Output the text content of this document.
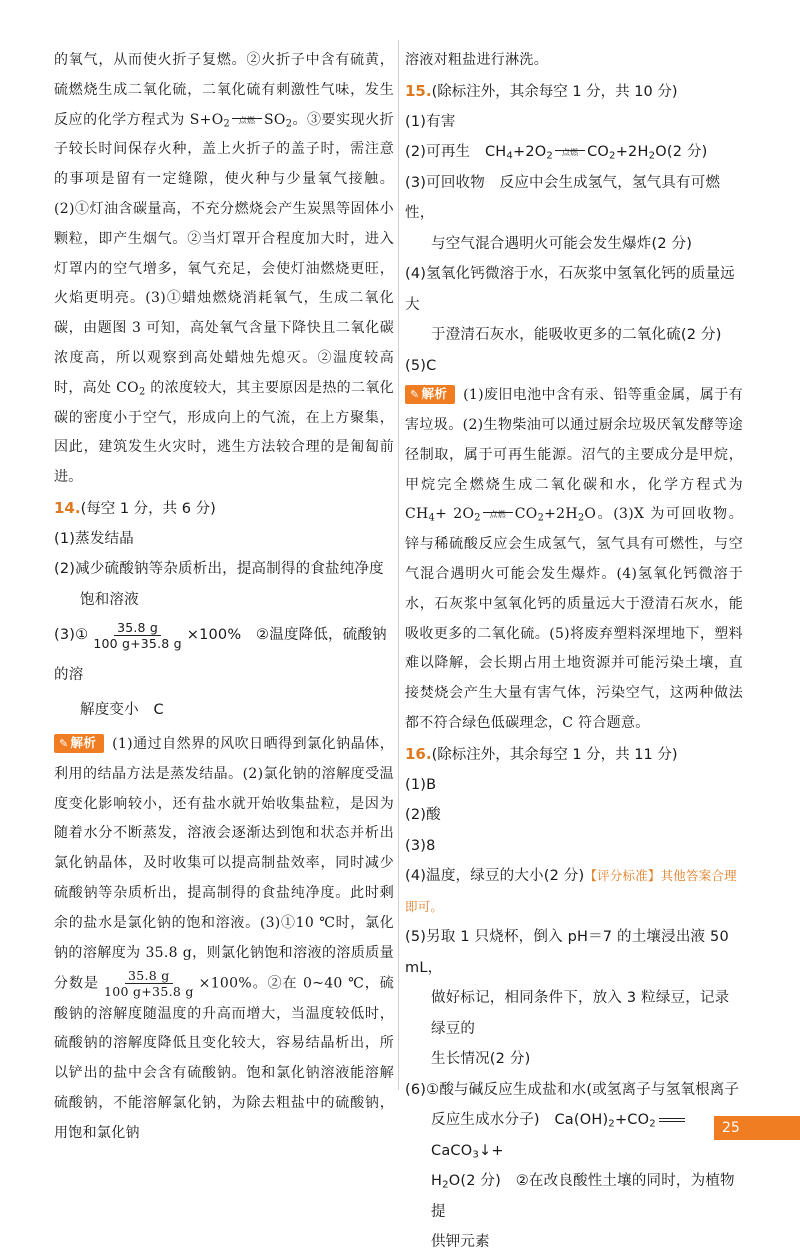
的氧气，从而使火折子复燃。②火折子中含有硫黄，硫燃烧生成二氧化硫，二氧化硫有刺激性气味，发生反应的化学方程式为 $S+O_2$	点燃 $SO_2$。③要实现火折子较长时间保存火种，盖上火折子的盖子时，需注意的事项是留有一定缝隙，使火种与少量氧气接触。(2)①灯油含碳量高，不充分燃烧会产生炭黑等固体小颗粒，即产生烟气。②当灯罩开合程度加大时，进入灯罩内的空气增多，氧气充足，会使灯油燃烧更旺，火焰更明亮。(3)①蜡烛燃烧消耗氧气，生成二氧化碳，由题图 3 可知，高处氧气含量下降快且二氧化碳浓度高，所以观察到高处蜡烛先熄灭。②温度较高时，高处 $CO_2$ 的浓度较大，其主要原因是热的二氧化碳的密度小于空气，形成向上的气流，在上方聚集，因此，建筑发生火灾时，逃生方法较合理的是匍匐前进。

14.(每空 1 分，共 6 分)

(1)蒸发结晶
(2)减少硫酸钠等杂质析出，提高制得的食盐纯净度
饱和溶液
(3)① $\frac{35.8 g}{100 g+35.8 g} \times 100\%$　 ②温度降低，硫酸钠的溶
解度变小　 C

✎ 解析 (1)通过自然界的风吹日晒得到氯化钠晶体，利用的结晶方法是蒸发结晶。(2)氯化钠的溶解度受温度变化影响较小，还有盐水就开始收集盐粒，是因为随着水分不断蒸发，溶液会逐渐达到饱和状态并析出氯化钠晶体，及时收集可以提高制盐效率，同时减少硫酸钠等杂质析出，提高制得的食盐纯净度。此时剩余的盐水是氯化钠的饱和溶液。(3)①10 ℃时，氯化钠的溶解度为 35.8 g，则氯化钠饱和溶液的溶质质量分数是 $\frac{35.8 g}{100 g+35.8 g} \times 100\%$。②在 0~40 ℃，硫酸钠的溶解度随温度的升高而增大，当温度较低时，硫酸钠的溶解度降低且变化较大，容易结晶析出，所以铲出的盐中会含有硫酸钠。饱和氯化钠溶液能溶解硫酸钠，不能溶解氯化钠，为除去粗盐中的硫酸钠，用饱和氯化钠

溶液对粗盐进行淋洗。

15.(除标注外，其余每空 1 分，共 10 分)

(1)有害
(2)可再生　$CH_4+2O_2$	点燃 $CO_2+2H_2O(2$ 分)
(3)可回收物　反应中会生成氢气，氢气具有可燃性，
与空气混合遇明火可能会发生爆炸(2 分)
(4)氢氧化钙微溶于水，石灰浆中氢氧化钙的质量远大
于澄清石灰水，能吸收更多的二氧化硫(2 分)
(5)C

✎ 解析 (1)废旧电池中含有汞、铅等重金属，属于有害垃圾。(2)生物柴油可以通过厨余垃圾厌氧发酵等途径制取，属于可再生能源。沼气的主要成分是甲烷，甲烷完全燃烧生成二氧化碳和水，化学方程式为 $CH_4+ 2O_2$	点燃 $CO_2+2H_2O$。(3)X 为可回收物。锌与稀硫酸反应会生成氢气，氢气具有可燃性，与空气混合遇明火可能会发生爆炸。(4)氢氧化钙微溶于水，石灰浆中氢氧化钙的质量远大于澄清石灰水，能吸收更多的二氧化硫。(5)将废弃塑料深埋地下，塑料难以降解，会长期占用土地资源并可能污染土壤，直接焚烧会产生大量有害气体，污染空气，这两种做法都不符合绿色低碳理念，C 符合题意。

16.(除标注外，其余每空 1 分，共 11 分)

(1)B
(2)酸
(3)8
(4)温度，绿豆的大小(2 分)【评分标准】其他答案合理即可。
(5)另取 1 只烧杯，倒入 pH＝7 的土壤浸出液 50 mL，
做好标记，相同条件下，放入 3 粒绿豆，记录绿豆的
生长情况(2 分)
(6)①酸与碱反应生成盐和水(或氢离子与氢氧根离子
反应生成水分子)　$Ca(OH)_2+CO_2CaCO_3↓+$
$H_2O(2$ 分)　②在改良酸性土壤的同时，为植物提
供钾元素
25
